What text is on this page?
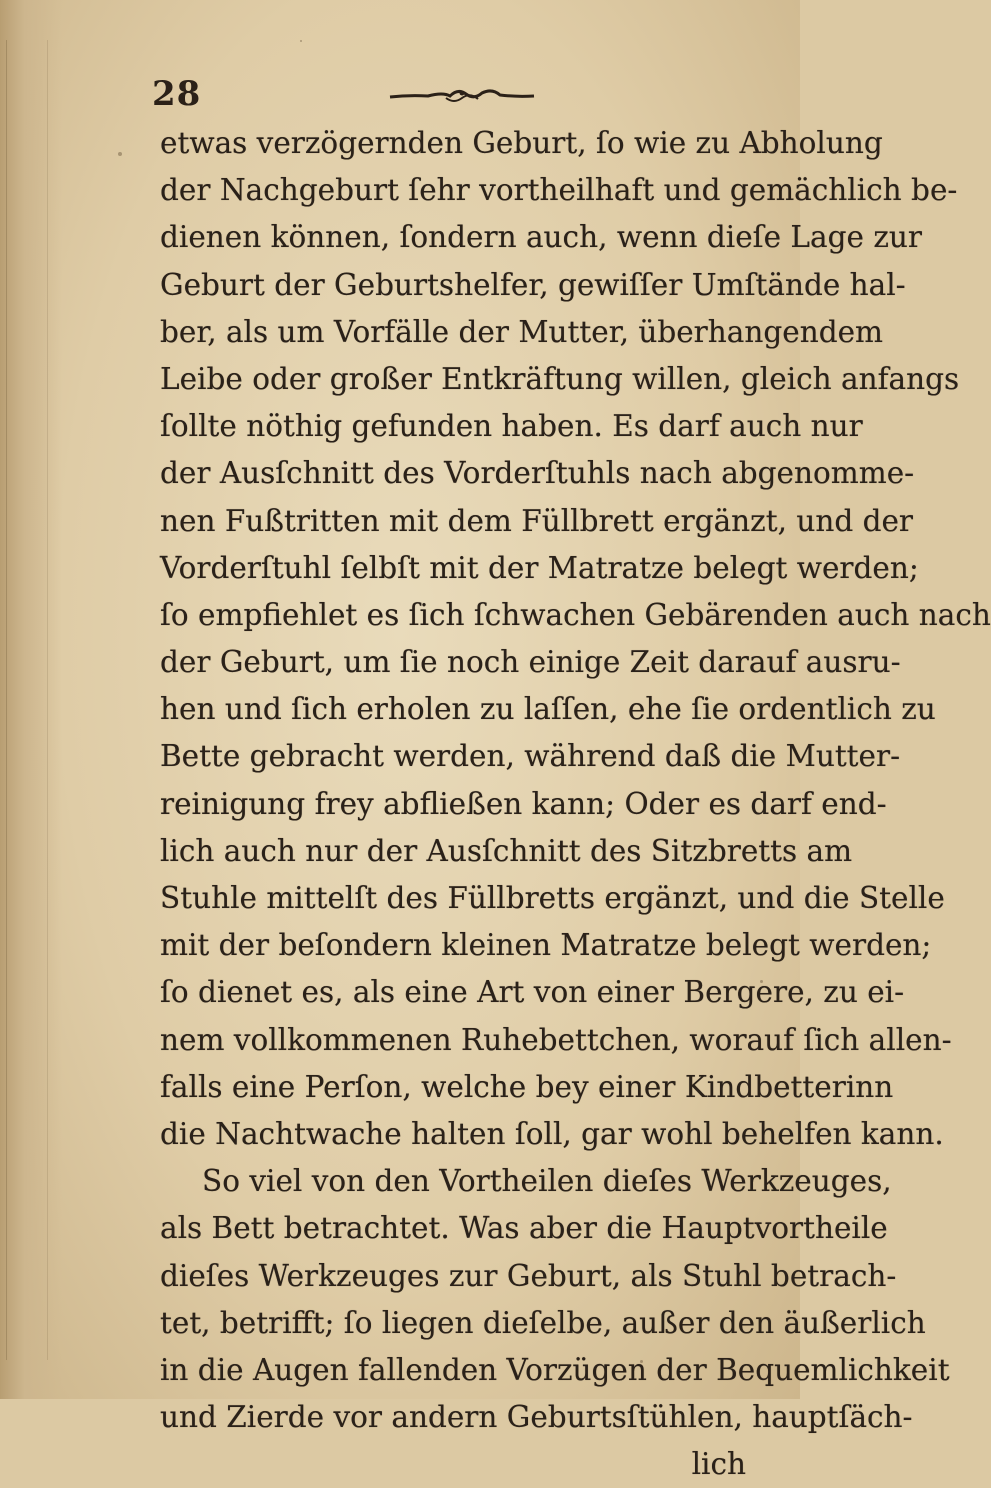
28
etwas verzögernden Geburt, ſo wie zu Abholung
der Nachgeburt ſehr vortheilhaft und gemächlich be-
dienen können, ſondern auch, wenn dieſe Lage zur
Geburt der Geburtshelfer, gewiſſer Umſtände hal-
ber, als um Vorfälle der Mutter, überhangendem
Leibe oder großer Entkräftung willen, gleich anfangs
ſollte nöthig gefunden haben. Es darf auch nur
der Ausſchnitt des Vorderſtuhls nach abgenomme-
nen Fußtritten mit dem Füllbrett ergänzt, und der
Vorderſtuhl ſelbſt mit der Matratze belegt werden;
ſo empfiehlet es ſich ſchwachen Gebärenden auch nach
der Geburt, um ſie noch einige Zeit darauf ausru-
hen und ſich erholen zu laſſen, ehe ſie ordentlich zu
Bette gebracht werden, während daß die Mutter-
reinigung frey abfließen kann; Oder es darf end-
lich auch nur der Ausſchnitt des Sitzbretts am
Stuhle mittelſt des Füllbretts ergänzt, und die Stelle
mit der beſondern kleinen Matratze belegt werden;
ſo dienet es, als eine Art von einer Bergere, zu ei-
nem vollkommenen Ruhebettchen, worauf ſich allen-
falls eine Perſon, welche bey einer Kindbetterinn
die Nachtwache halten ſoll, gar wohl behelfen kann.
So viel von den Vortheilen dieſes Werkzeuges,
als Bett betrachtet. Was aber die Hauptvortheile
dieſes Werkzeuges zur Geburt, als Stuhl betrach-
tet, betrifft; ſo liegen dieſelbe, außer den äußerlich
in die Augen fallenden Vorzügen der Bequemlichkeit
und Zierde vor andern Geburtsſtühlen, hauptſäch-
lich
